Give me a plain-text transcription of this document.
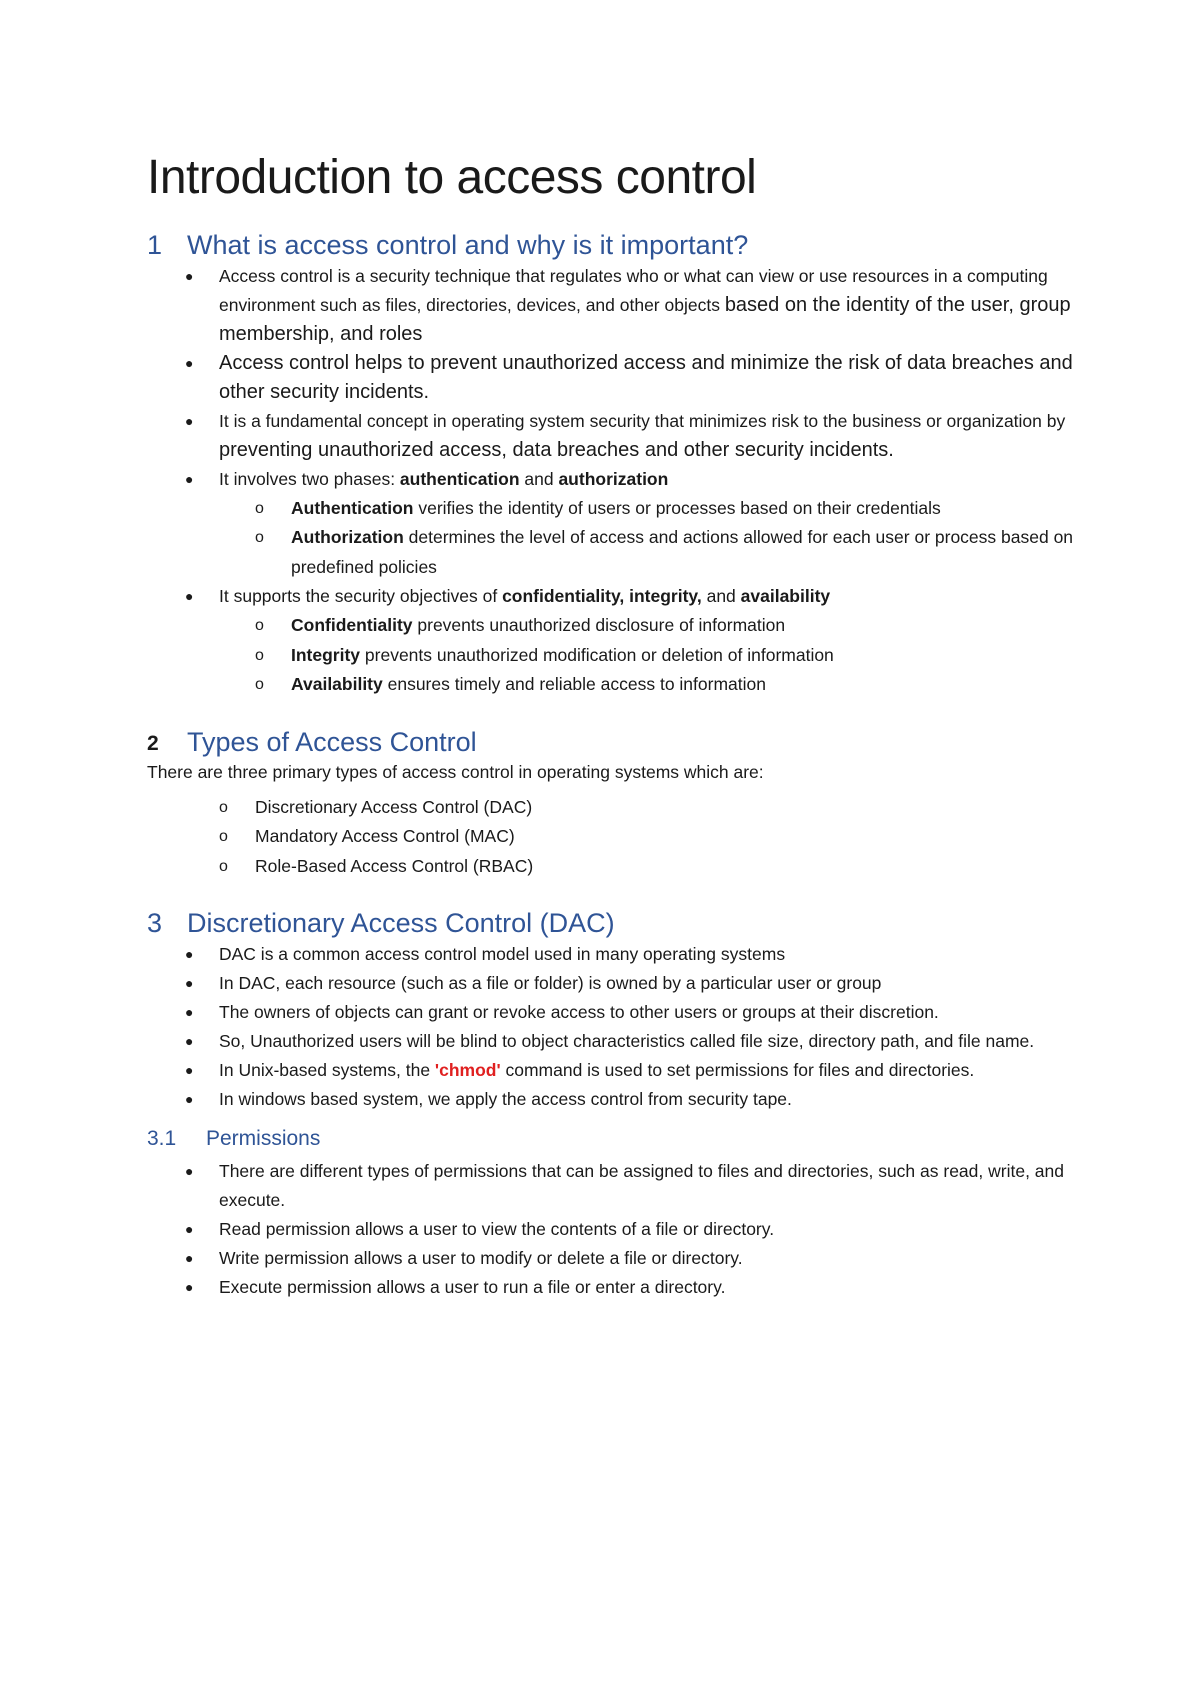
Introduction to access control
1 What is access control and why is it important?
● Access control is a security technique that regulates who or what can view or use resources in a computing environment such as files, directories, devices, and other objects based on the identity of the user, group membership, and roles
● Access control helps to prevent unauthorized access and minimize the risk of data breaches and other security incidents.
● It is a fundamental concept in operating system security that minimizes risk to the business or organization by preventing unauthorized access, data breaches and other security incidents.
● It involves two phases: authentication and authorization
o Authentication verifies the identity of users or processes based on their credentials
o Authorization determines the level of access and actions allowed for each user or process based on predefined policies
● It supports the security objectives of confidentiality, integrity, and availability
o Confidentiality prevents unauthorized disclosure of information
o Integrity prevents unauthorized modification or deletion of information
o Availability ensures timely and reliable access to information
2	Types of Access Control

There are three primary types of access control in operating systems which are:

o Discretionary Access Control (DAC)
o Mandatory Access Control (MAC)
o Role-Based Access Control (RBAC)
3 Discretionary Access Control (DAC)
● DAC is a common access control model used in many operating systems
● In DAC, each resource (such as a file or folder) is owned by a particular user or group
● The owners of objects can grant or revoke access to other users or groups at their discretion.
● So, Unauthorized users will be blind to object characteristics called file size, directory path, and file name.
● In Unix-based systems, the 'chmod' command is used to set permissions for files and directories.
● In windows based system, we apply the access control from security tape.
3.1	Permissions
● There are different types of permissions that can be assigned to files and directories, such as read, write, and execute.
● Read permission allows a user to view the contents of a file or directory.
● Write permission allows a user to modify or delete a file or directory.
● Execute permission allows a user to run a file or enter a directory.
